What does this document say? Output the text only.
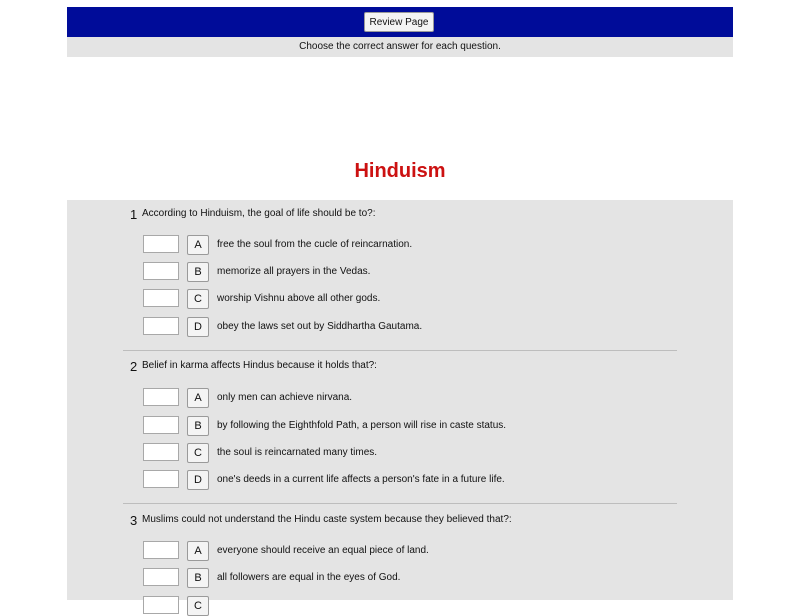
Review Page
Choose the correct answer for each question.
Hinduism
1 According to Hinduism, the goal of life should be to?:
A	free the soul from the cucle of reincarnation.
B	memorize all prayers in the Vedas.
C	worship Vishnu above all other gods.
D	obey the laws set out by Siddhartha Gautama.
2 Belief in karma affects Hindus because it holds that?:
A	only men can achieve nirvana.
B	by following the Eighthfold Path, a person will rise in caste status.
C	the soul is reincarnated many times.
D	one's deeds in a current life affects a person's fate in a future life.
3 Muslims could not understand the Hindu caste system because they believed that?:
A	everyone should receive an equal piece of land.
B	all followers are equal in the eyes of God.
C
